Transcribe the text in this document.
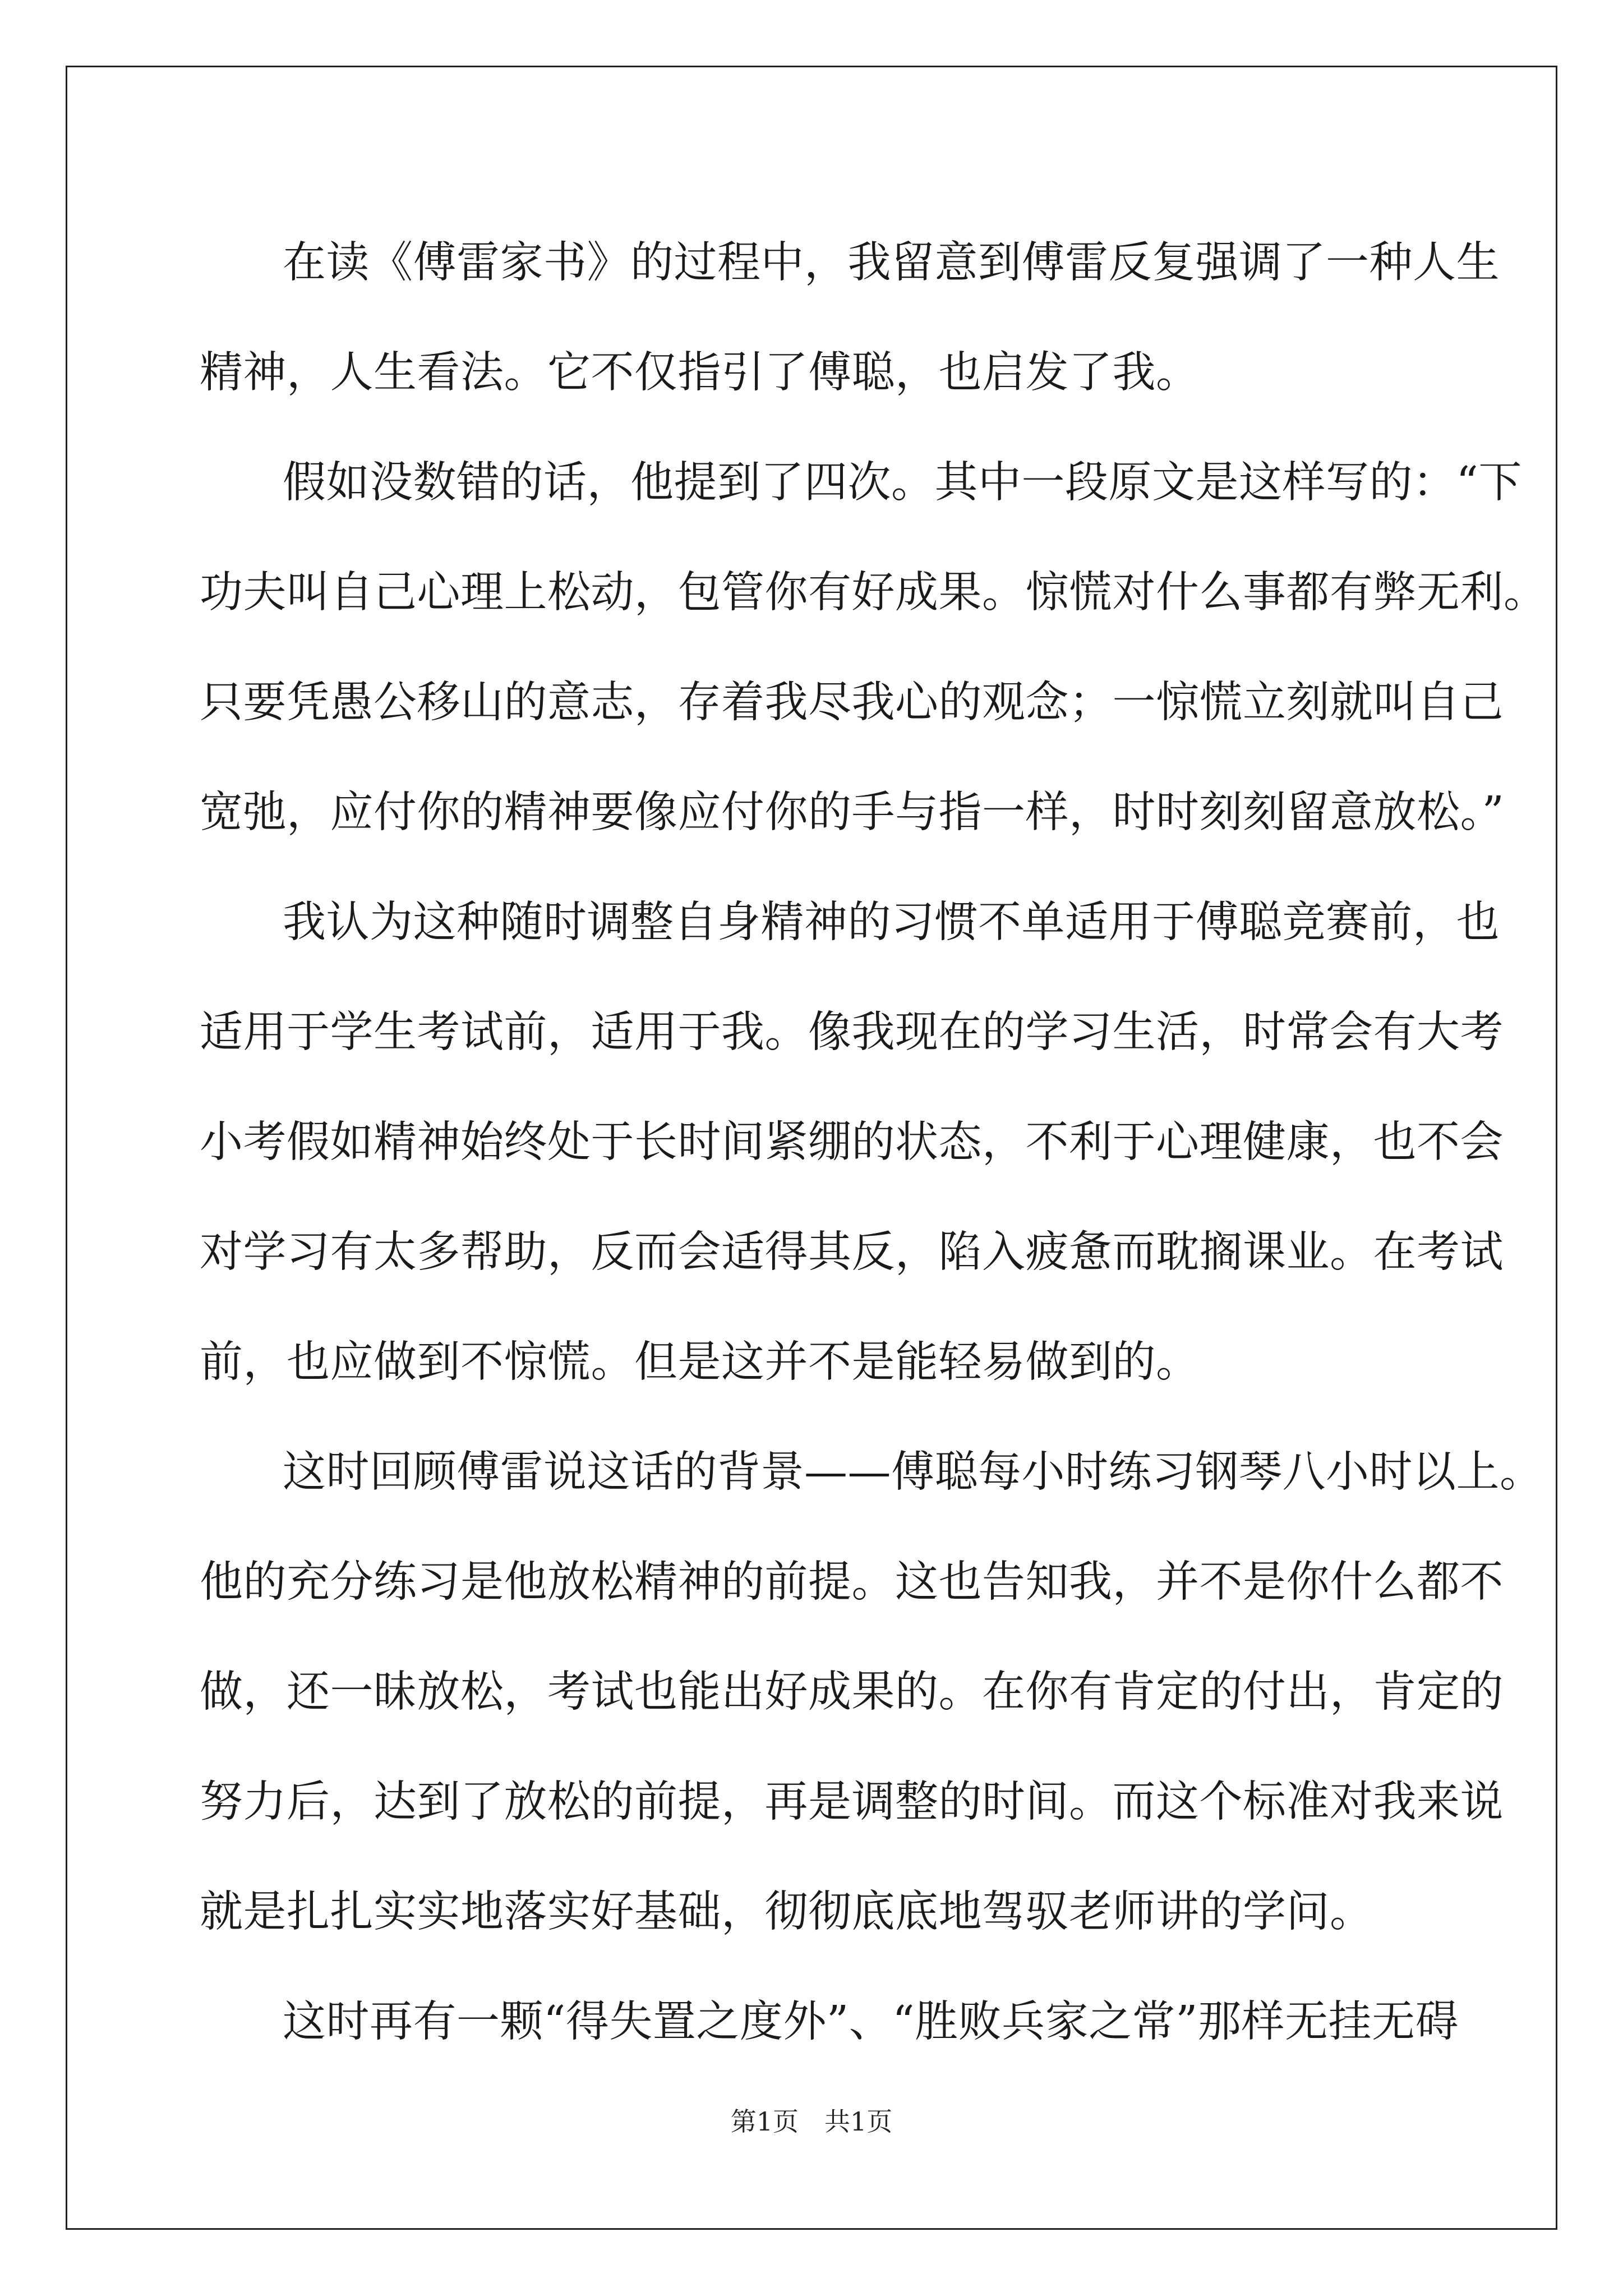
在读《傅雷家书》的过程中，我留意到傅雷反复强调了一种人生
精神，人生看法。它不仅指引了傅聪，也启发了我。
假如没数错的话，他提到了四次。其中一段原文是这样写的：“下
功夫叫自己心理上松动，包管你有好成果。惊慌对什么事都有弊无利。
只要凭愚公移山的意志，存着我尽我心的观念；一惊慌立刻就叫自己
宽弛，应付你的精神要像应付你的手与指一样，时时刻刻留意放松。”
我认为这种随时调整自身精神的习惯不单适用于傅聪竞赛前，也
适用于学生考试前，适用于我。像我现在的学习生活，时常会有大考
小考假如精神始终处于长时间紧绷的状态，不利于心理健康，也不会
对学习有太多帮助，反而会适得其反，陷入疲惫而耽搁课业。在考试
前，也应做到不惊慌。但是这并不是能轻易做到的。
这时回顾傅雷说这话的背景——傅聪每小时练习钢琴八小时以上。
他的充分练习是他放松精神的前提。这也告知我，并不是你什么都不
做，还一昧放松，考试也能出好成果的。在你有肯定的付出，肯定的
努力后，达到了放松的前提，再是调整的时间。而这个标准对我来说
就是扎扎实实地落实好基础，彻彻底底地驾驭老师讲的学问。
这时再有一颗“得失置之度外”、“胜败兵家之常”那样无挂无碍
第1页　共1页
